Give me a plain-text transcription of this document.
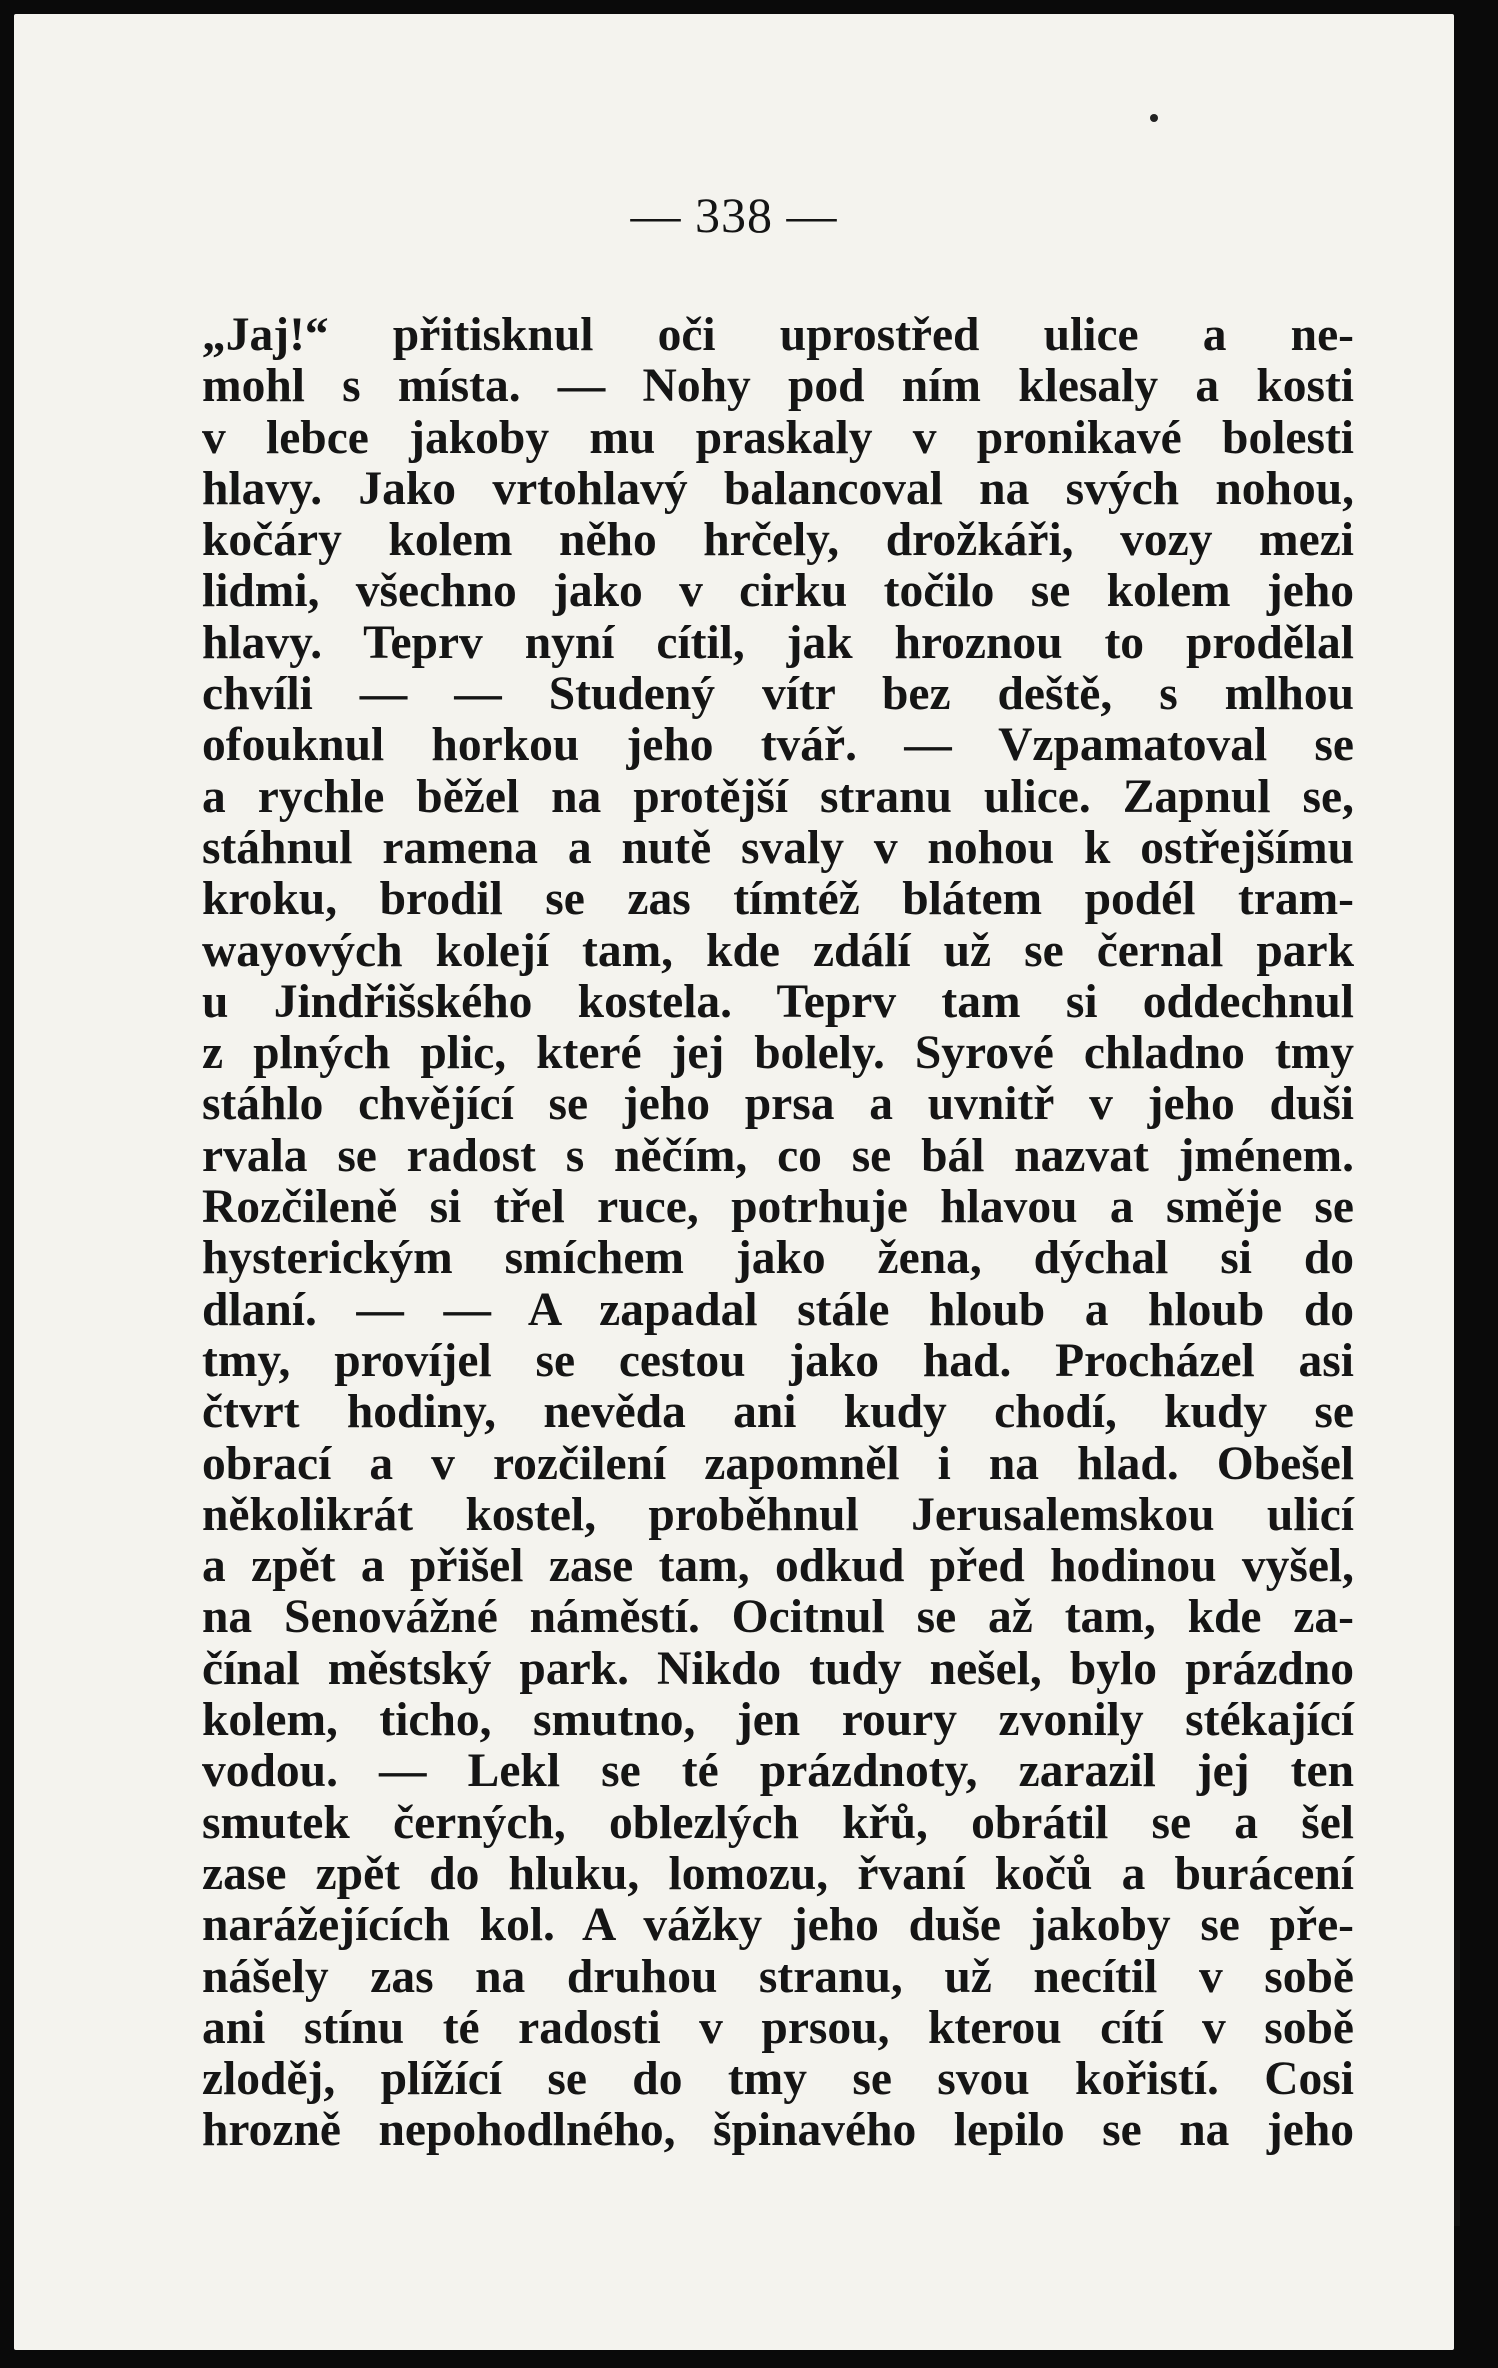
— 338 —
„Jaj!“ přitisknul oči uprostřed ulice a ne-
mohl s místa. — Nohy pod ním klesaly a kosti
v lebce jakoby mu praskaly v pronikavé bolesti
hlavy. Jako vrtohlavý balancoval na svých nohou,
kočáry kolem něho hrčely, drožkáři, vozy mezi
lidmi, všechno jako v cirku točilo se kolem jeho
hlavy. Teprv nyní cítil, jak hroznou to prodělal
chvíli — — Studený vítr bez deště, s mlhou
ofouknul horkou jeho tvář. — Vzpamatoval se
a rychle běžel na protější stranu ulice. Zapnul se,
stáhnul ramena a nutě svaly v nohou k ostřejšímu
kroku, brodil se zas tímtéž blátem podél tram-
wayových kolejí tam, kde zdálí už se černal park
u Jindřišského kostela. Teprv tam si oddechnul
z plných plic, které jej bolely. Syrové chladno tmy
stáhlo chvějící se jeho prsa a uvnitř v jeho duši
rvala se radost s něčím, co se bál nazvat jménem.
Rozčileně si třel ruce, potrhuje hlavou a směje se
hysterickým smíchem jako žena, dýchal si do
dlaní. — — A zapadal stále hloub a hloub do
tmy, províjel se cestou jako had. Procházel asi
čtvrt hodiny, nevěda ani kudy chodí, kudy se
obrací a v rozčilení zapomněl i na hlad. Obešel
několikrát kostel, proběhnul Jerusalemskou ulicí
a zpět a přišel zase tam, odkud před hodinou vyšel,
na Senovážné náměstí. Ocitnul se až tam, kde za-
čínal městský park. Nikdo tudy nešel, bylo prázdno
kolem, ticho, smutno, jen roury zvonily stékající
vodou. — Lekl se té prázdnoty, zarazil jej ten
smutek černých, oblezlých křů, obrátil se a šel
zase zpět do hluku, lomozu, řvaní kočů a burácení
narážejících kol. A vážky jeho duše jakoby se pře-
nášely zas na druhou stranu, už necítil v sobě
ani stínu té radosti v prsou, kterou cítí v sobě
zloděj, plížící se do tmy se svou kořistí. Cosi
hrozně nepohodlného, špinavého lepilo se na jeho
